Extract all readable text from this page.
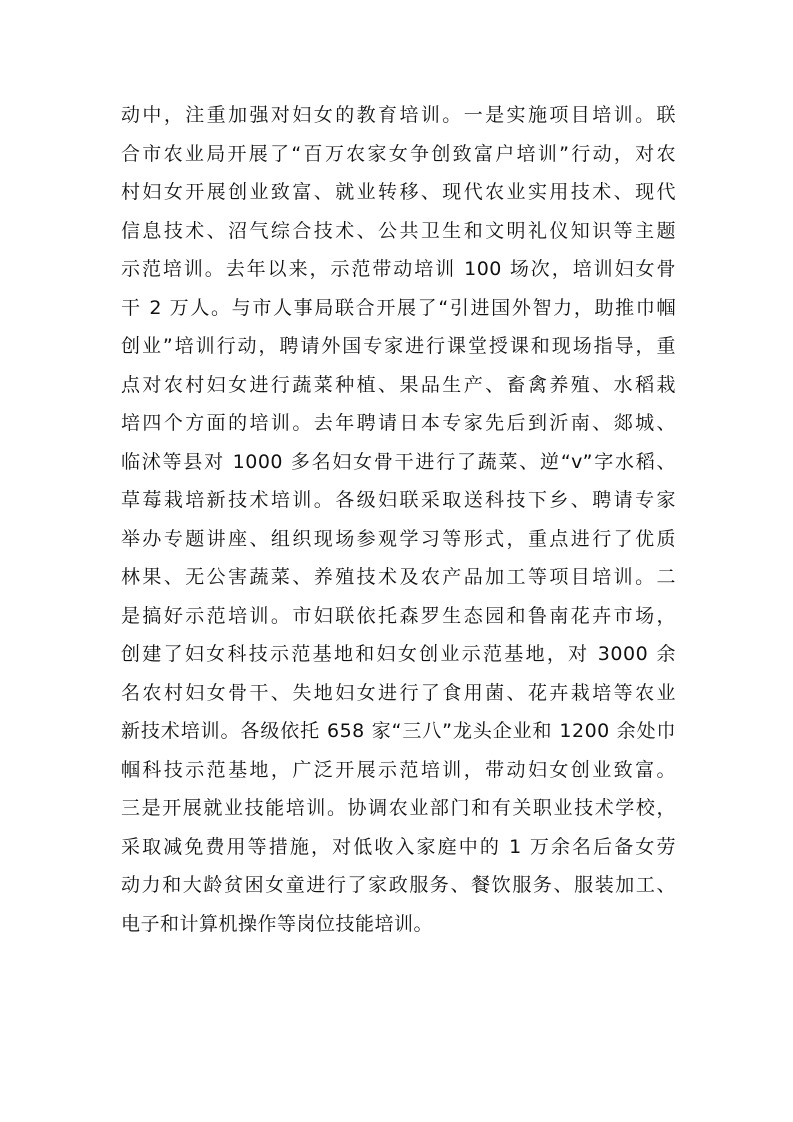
动中，注重加强对妇女的教育培训。一是实施项目培训。联
合市农业局开展了“百万农家女争创致富户培训”行动，对农
村妇女开展创业致富、就业转移、现代农业实用技术、现代
信息技术、沼气综合技术、公共卫生和文明礼仪知识等主题
示范培训。去年以来，示范带动培训 100 场次，培训妇女骨
干 2 万人。与市人事局联合开展了“引进国外智力，助推巾帼
创业”培训行动，聘请外国专家进行课堂授课和现场指导，重
点对农村妇女进行蔬菜种植、果品生产、畜禽养殖、水稻栽
培四个方面的培训。去年聘请日本专家先后到沂南、郯城、
临沭等县对 1000 多名妇女骨干进行了蔬菜、逆“v”字水稻、
草莓栽培新技术培训。各级妇联采取送科技下乡、聘请专家
举办专题讲座、组织现场参观学习等形式，重点进行了优质
林果、无公害蔬菜、养殖技术及农产品加工等项目培训。二
是搞好示范培训。市妇联依托森罗生态园和鲁南花卉市场，
创建了妇女科技示范基地和妇女创业示范基地，对 3000 余
名农村妇女骨干、失地妇女进行了食用菌、花卉栽培等农业
新技术培训。各级依托 658 家“三八”龙头企业和 1200 余处巾
帼科技示范基地，广泛开展示范培训，带动妇女创业致富。
三是开展就业技能培训。协调农业部门和有关职业技术学校，
采取减免费用等措施，对低收入家庭中的 1 万余名后备女劳
动力和大龄贫困女童进行了家政服务、餐饮服务、服装加工、
电子和计算机操作等岗位技能培训。
